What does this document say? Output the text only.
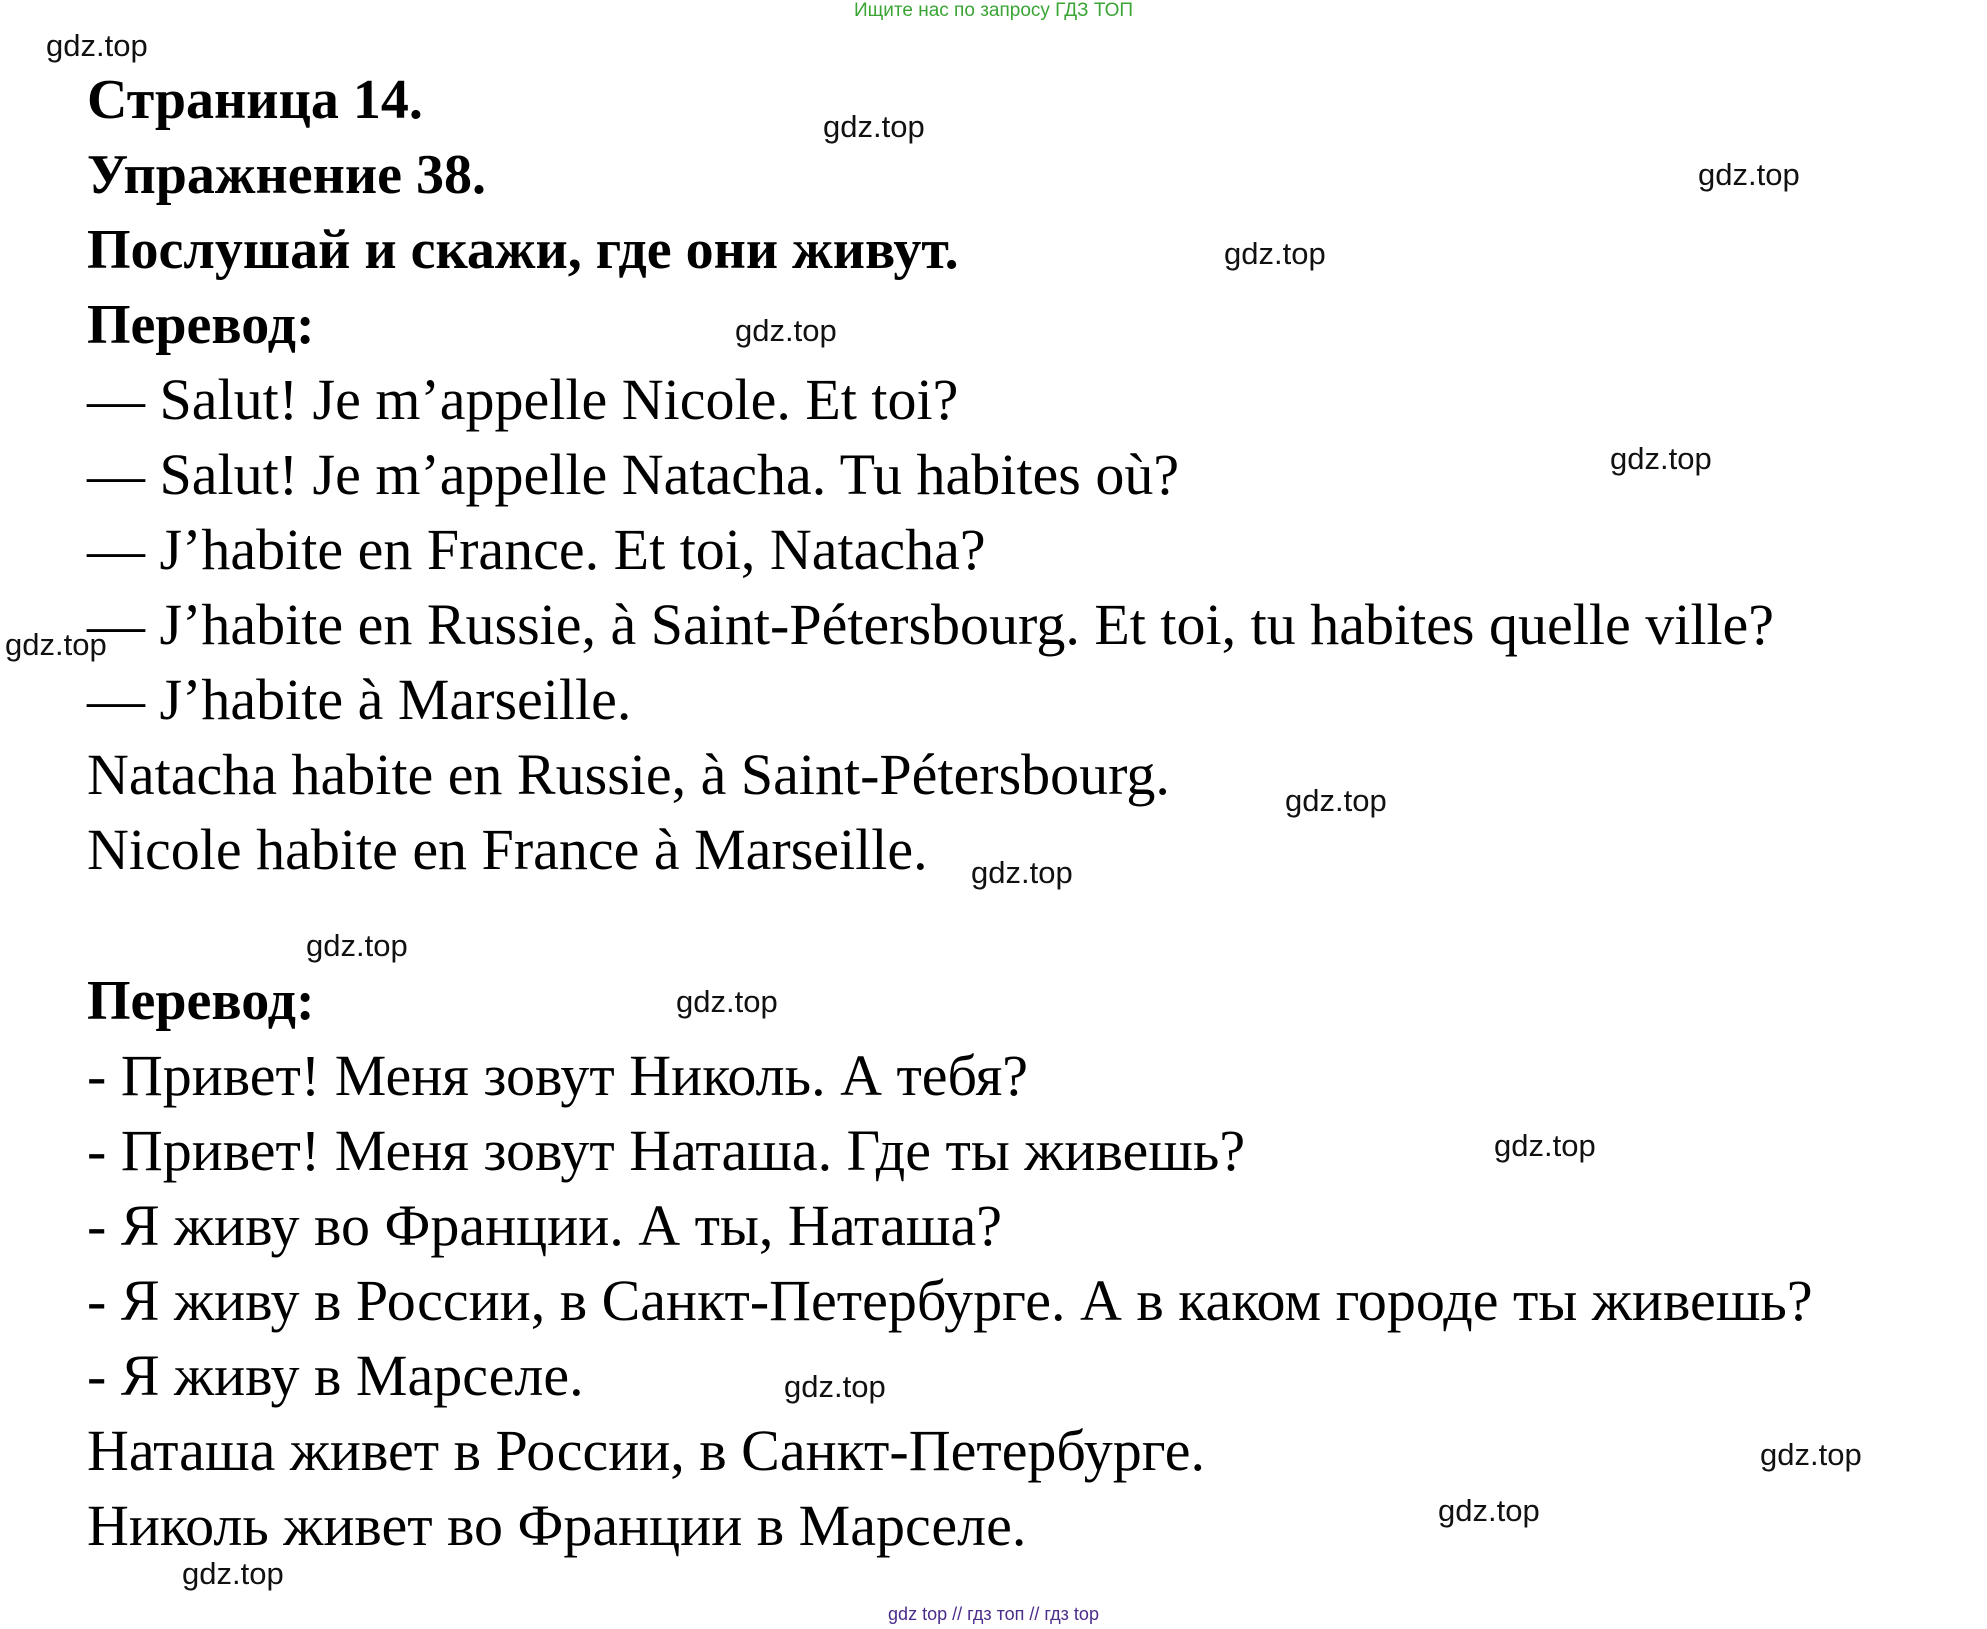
Ищите нас по запросу ГДЗ ТОП
Страница 14.
Упражнение 38.
Послушай и скажи, где они живут.
Перевод:
— Salut! Je m’appelle Nicole. Et toi?
— Salut! Je m’appelle Natacha. Tu habites où?
— J’habite en France. Et toi, Natacha?
— J’habite en Russie, à Saint-Pétersbourg. Et toi, tu habites quelle ville?
— J’habite à Marseille.
Natacha habite en Russie, à Saint-Pétersbourg.
Nicole habite en France à Marseille.
Перевод:
- Привет! Меня зовут Николь. А тебя?
- Привет! Меня зовут Наташа. Где ты живешь?
- Я живу во Франции. А ты, Наташа?
- Я живу в России, в Санкт-Петербурге. А в каком городе ты живешь?
- Я живу в Марселе.
Наташа живет в России, в Санкт-Петербурге.
Николь живет во Франции в Марселе.
gdz.top
gdz.top
gdz.top
gdz.top
gdz.top
gdz.top
gdz.top
gdz.top
gdz.top
gdz.top
gdz.top
gdz.top
gdz.top
gdz.top
gdz.top
gdz.top
gdz top // гдз топ // гдз top
